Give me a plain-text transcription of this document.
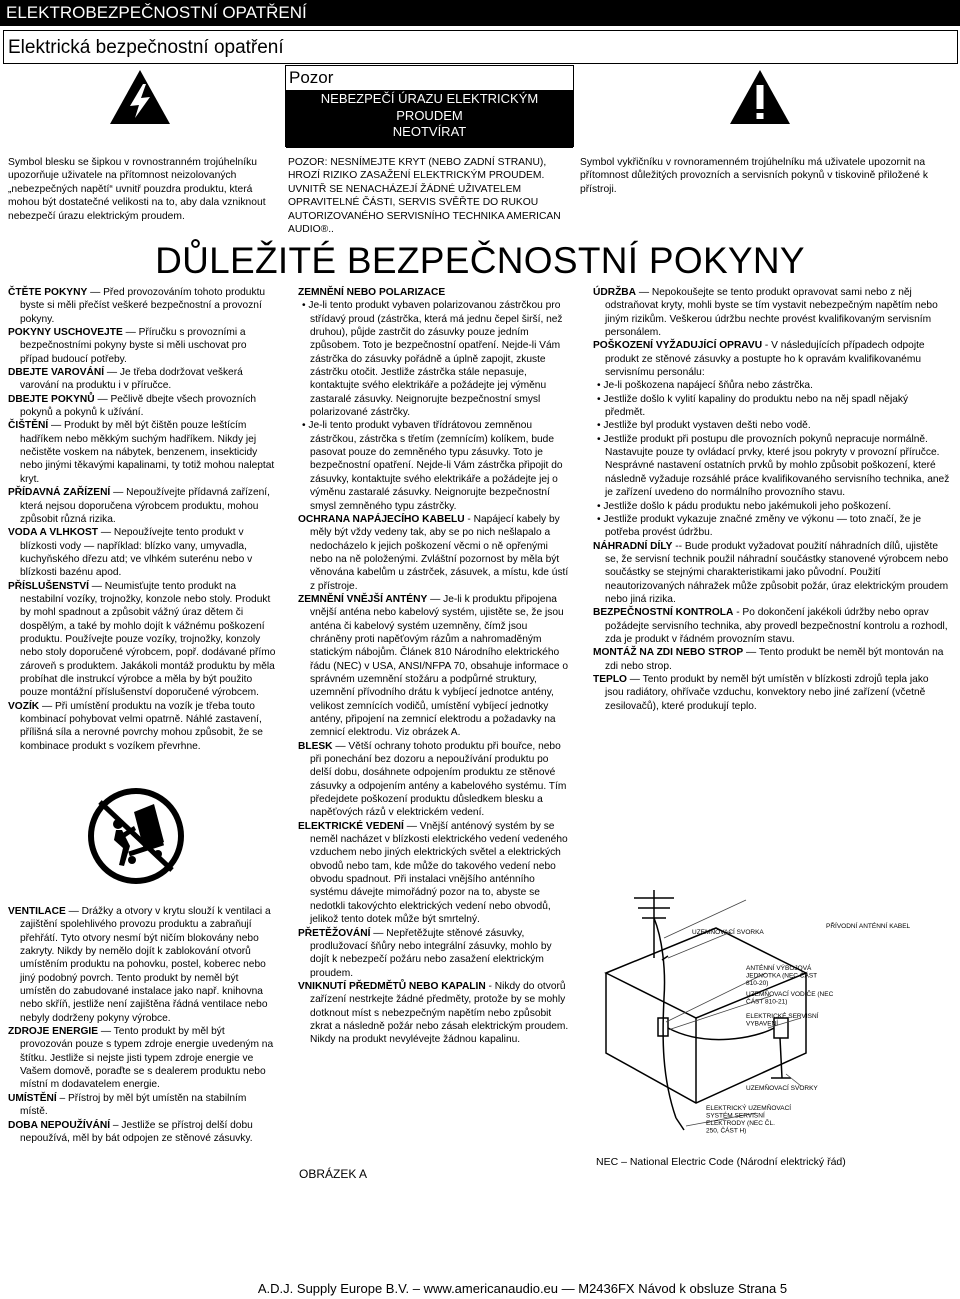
ELEKTROBEZPEČNOSTNÍ OPATŘENÍ
Elektrická bezpečnostní opatření
Pozor
NEBEZPEČÍ ÚRAZU ELEKTRICKÝM
PROUDEM
NEOTVÍRAT
Symbol blesku se šipkou v rovnostranném trojúhelníku upozorňuje uživatele na přítomnost neizolovaných „nebezpečných napětí“ uvnitř pouzdra produktu, která mohou být dostatečné velikosti na to, aby dala vzniknout nebezpečí úrazu elektrickým proudem.
POZOR: NESNÍMEJTE KRYT (NEBO ZADNÍ STRANU), HROZÍ RIZIKO ZASAŽENÍ ELEKTRICKÝM PROUDEM. UVNITŘ SE NENACHÁZEJÍ ŽÁDNÉ UŽIVATELEM OPRAVITELNÉ ČÁSTI, SERVIS SVĚŘTE DO RUKOU AUTORIZOVANÉHO SERVISNÍHO TECHNIKA AMERICAN AUDIO®..
Symbol vykřičníku v rovnoramenném trojúhelníku má uživatele upozornit na přítomnost důležitých provozních a servisních pokynů v tiskovině přiložené k přístroji.
DŮLEŽITÉ BEZPEČNOSTNÍ POKYNY

ČTĚTE POKYNY — Před provozováním tohoto produktu byste si měli přečíst veškeré bezpečnostní a provozní pokyny.

POKYNY USCHOVEJTE — Příručku s provozními a bezpečnostními pokyny byste si měli uschovat pro případ budoucí potřeby.

DBEJTE VAROVÁNÍ — Je třeba dodržovat veškerá varování na produktu i v příručce.

DBEJTE POKYNŮ — Pečlivě dbejte všech provozních pokynů a pokynů k užívání.

ČIŠTĚNÍ — Produkt by měl být čištěn pouze leštícím hadříkem nebo měkkým suchým hadříkem. Nikdy jej nečistěte voskem na nábytek, benzenem, insekticidy nebo jinými těkavými kapalinami, ty totiž mohou naleptat kryt.

PŘÍDAVNÁ ZAŘÍZENÍ — Nepoužívejte přídavná zařízení, která nejsou doporučena výrobcem produktu, mohou způsobit různá rizika.

VODA A VLHKOST — Nepoužívejte tento produkt v blízkosti vody — například: blízko vany, umyvadla, kuchyňského dřezu atd; ve vlhkém suterénu nebo v blízkosti bazénu apod.

PŘÍSLUŠENSTVÍ — Neumisťujte tento produkt na nestabilní vozíky, trojnožky, konzole nebo stoly. Produkt by mohl spadnout a způsobit vážný úraz dětem či dospělým, a také by mohlo dojít k vážnému poškození produktu. Používejte pouze vozíky, trojnožky, konzoly nebo stoly doporučené výrobcem, popř. dodávané přímo zároveň s produktem. Jakákoli montáž produktu by měla probíhat dle instrukcí výrobce a měla by být použito pouze montážní příslušenství doporučené výrobcem.

VOZÍK — Při umístění produktu na vozík je třeba touto kombinací pohybovat velmi opatrně. Náhlé zastavení, přílišná síla a nerovné povrchy mohou způsobit, že se kombinace produkt s vozíkem převrhne.

VENTILACE — Drážky a otvory v krytu slouží k ventilaci a zajištění spolehlivého provozu produktu a zabraňují přehřátí. Tyto otvory nesmí být ničím blokovány nebo zakryty. Nikdy by nemělo dojít k zablokování otvorů umístěním produktu na pohovku, postel, koberec nebo jiný podobný povrch. Tento produkt by neměl být umístěn do zabudované instalace jako např. knihovna nebo skříň, jestliže není zajištěna řádná ventilace nebo nebyly dodrženy pokyny výrobce.

ZDROJE ENERGIE — Tento produkt by měl být provozován pouze s typem zdroje energie uvedeným na štítku. Jestliže si nejste jisti typem zdroje energie ve Vašem domově, poraďte se s dealerem produktu nebo místní m dodavatelem energie.

UMÍSTĚNÍ – Přístroj by měl být umístěn na stabilním místě.

DOBA NEPOUŽÍVÁNÍ – Jestliže se přístroj delší dobu nepoužívá, měl by bát odpojen ze stěnové zásuvky.

ZEMNĚNÍ NEBO POLARIZACE

• Je-li tento produkt vybaven polarizovanou zástrčkou pro střídavý proud (zástrčka, která má jednu čepel širší, než druhou), půjde zastrčit do zásuvky pouze jedním způsobem. Toto je bezpečnostní opatření. Nejde-li Vám zástrčka do zásuvky pořádně a úplně zapojit, zkuste zástrčku otočit. Jestliže zástrčka stále nepasuje, kontaktujte svého elektrikáře a požádejte jej výměnu zastaralé zásuvky. Neignorujte bezpečnostní smysl polarizované zástrčky.

• Je-li tento produkt vybaven třídrátovou zemněnou zástrčkou, zástrčka s třetím (zemnícím) kolíkem, bude pasovat pouze do zemněného typu zásuvky. Toto je bezpečnostní opatření. Nejde-li Vám zástrčka připojit do zásuvky, kontaktujte svého elektrikáře a požádejte jej o výměnu zastaralé zásuvky. Neignorujte bezpečnostní smysl zemněného typu zástrčky.

OCHRANA NAPÁJECÍHO KABELU - Napájecí kabely by měly být vždy vedeny tak, aby se po nich nešlapalo a nedocházelo k jejich poškození věcmi o ně opřenými nebo na ně položenými. Zvláštní pozornost by měla být věnována kabelům u zástrček, zásuvek, a místu, kde ústí z přístroje.

ZEMNĚNÍ VNĚJŠÍ ANTÉNY — Je-li k produktu připojena vnější anténa nebo kabelový systém, ujistěte se, že jsou anténa či kabelový systém uzemněny, čímž jsou chráněny proti napěťovým rázům a nahromaděným statickým nábojům. Článek 810 Národního elektrického řádu (NEC) v USA, ANSI/NFPA 70, obsahuje informace o správném uzemnění stožáru a podpůrné struktury, uzemnění přívodního drátu k vybíjecí jednotce antény, velikost zemnících vodičů, umístění vybíjecí jednotky antény, připojení na zemnicí elektrodu a požadavky na zemnicí elektrodu. Viz obrázek A.

BLESK — Větší ochrany tohoto produktu při bouřce, nebo při ponechání bez dozoru a nepoužívání produktu po delší dobu, dosáhnete odpojením produktu ze stěnové zásuvky a odpojením antény a kabelového systému. Tím předejdete poškození produktu důsledkem blesku a napěťových rázů v elektrickém vedení.

ELEKTRICKÉ VEDENÍ — Vnější anténový systém by se neměl nacházet v blízkosti elektrického vedení vedeného vzduchem nebo jiných elektrických světel a elektrických obvodů nebo tam, kde může do takového vedení nebo obvodu spadnout. Při instalaci vnějšího anténního systému dávejte mimořádný pozor na to, abyste se nedotkli takovýchto elektrických vedení nebo obvodů, jelikož tento dotek může být smrtelný.

PŘETĚŽOVÁNÍ — Nepřetěžujte stěnové zásuvky, prodlužovací šňůry nebo integrální zásuvky, mohlo by dojít k nebezpečí požáru nebo zasažení elektrickým proudem.

VNIKNUTÍ PŘEDMĚTŮ NEBO KAPALIN - Nikdy do otvorů zařízení nestrkejte žádné předměty, protože by se mohly dotknout míst s nebezpečným napětím nebo způsobit zkrat a následně požár nebo zásah elektrickým proudem. Nikdy na produkt nevylévejte žádnou kapalinu.

ÚDRŽBA — Nepokoušejte se tento produkt opravovat sami nebo z něj odstraňovat kryty, mohli byste se tím vystavit nebezpečným napětím nebo jiným rizikům. Veškerou údržbu nechte provést kvalifikovaným servisním personálem.

POŠKOZENÍ VYŽADUJÍCÍ OPRAVU - V následujících případech odpojte produkt ze stěnové zásuvky a postupte ho k opravám kvalifikovanému servisnímu personálu:

• Je-li poškozena napájecí šňůra nebo zástrčka.

• Jestliže došlo k vylití kapaliny do produktu nebo na něj spadl nějaký předmět.

• Jestliže byl produkt vystaven dešti nebo vodě.

• Jestliže produkt při postupu dle provozních pokynů nepracuje normálně. Nastavujte pouze ty ovládací prvky, které jsou pokryty v provozní příručce. Nesprávné nastavení ostatních prvků by mohlo způsobit poškození, které následně vyžaduje rozsáhlé práce kvalifikovaného servisního technika, anež je zařízení uvedeno do normálního provozního stavu.

• Jestliže došlo k pádu produktu nebo jakémukoli jeho poškození.

• Jestliže produkt vykazuje značné změny ve výkonu — toto značí, že je potřeba provést údržbu.

NÁHRADNÍ DÍLY -- Bude produkt vyžadovat použití náhradních dílů, ujistěte se, že servisní technik použil náhradní součástky stanovené výrobcem nebo součástky se stejnými charakteristikami jako původní. Použití neautorizovaných náhražek může způsobit požár, úraz elektrickým proudem nebo jiná rizika.

BEZPEČNOSTNÍ KONTROLA - Po dokončení jakékoli údržby nebo oprav požádejte servisního technika, aby provedl bezpečnostní kontrolu a rozhodl, zda je produkt v řádném provozním stavu.

MONTÁŽ NA ZDI NEBO STROP — Tento produkt be neměl být montován na zdi nebo strop.

TEPLO — Tento produkt by neměl být umístěn v blízkosti zdrojů tepla jako jsou radiátory, ohřívače vzduchu, konvektory nebo jiné zařízení (včetně zesilovačů), které produkují teplo.

PŘÍVODNÍ ANTÉNNÍ KABEL
UZEMŇOVACÍ SVORKA
ANTÉNNÍ VÝBOJOVÁ JEDNOTKA (NEC ČÁST 810-20)
UZEMŇOVACÍ VODIČE (NEC ČÁST 810-21)
ELEKTRICKÉ SERVISNÍ VYBAVENÍ
UZEMŇOVACÍ SVORKY
ELEKTRICKÝ UZEMŇOVACÍ SYSTÉM SERVISNÍ ELEKTRODY (NEC ČL. 250, ČÁST H)
OBRÁZEK A
NEC – National Electric Code (Národní elektrický řád)
A.D.J. Supply Europe B.V. – www.americanaudio.eu — M2436FX Návod k obsluze Strana 5
